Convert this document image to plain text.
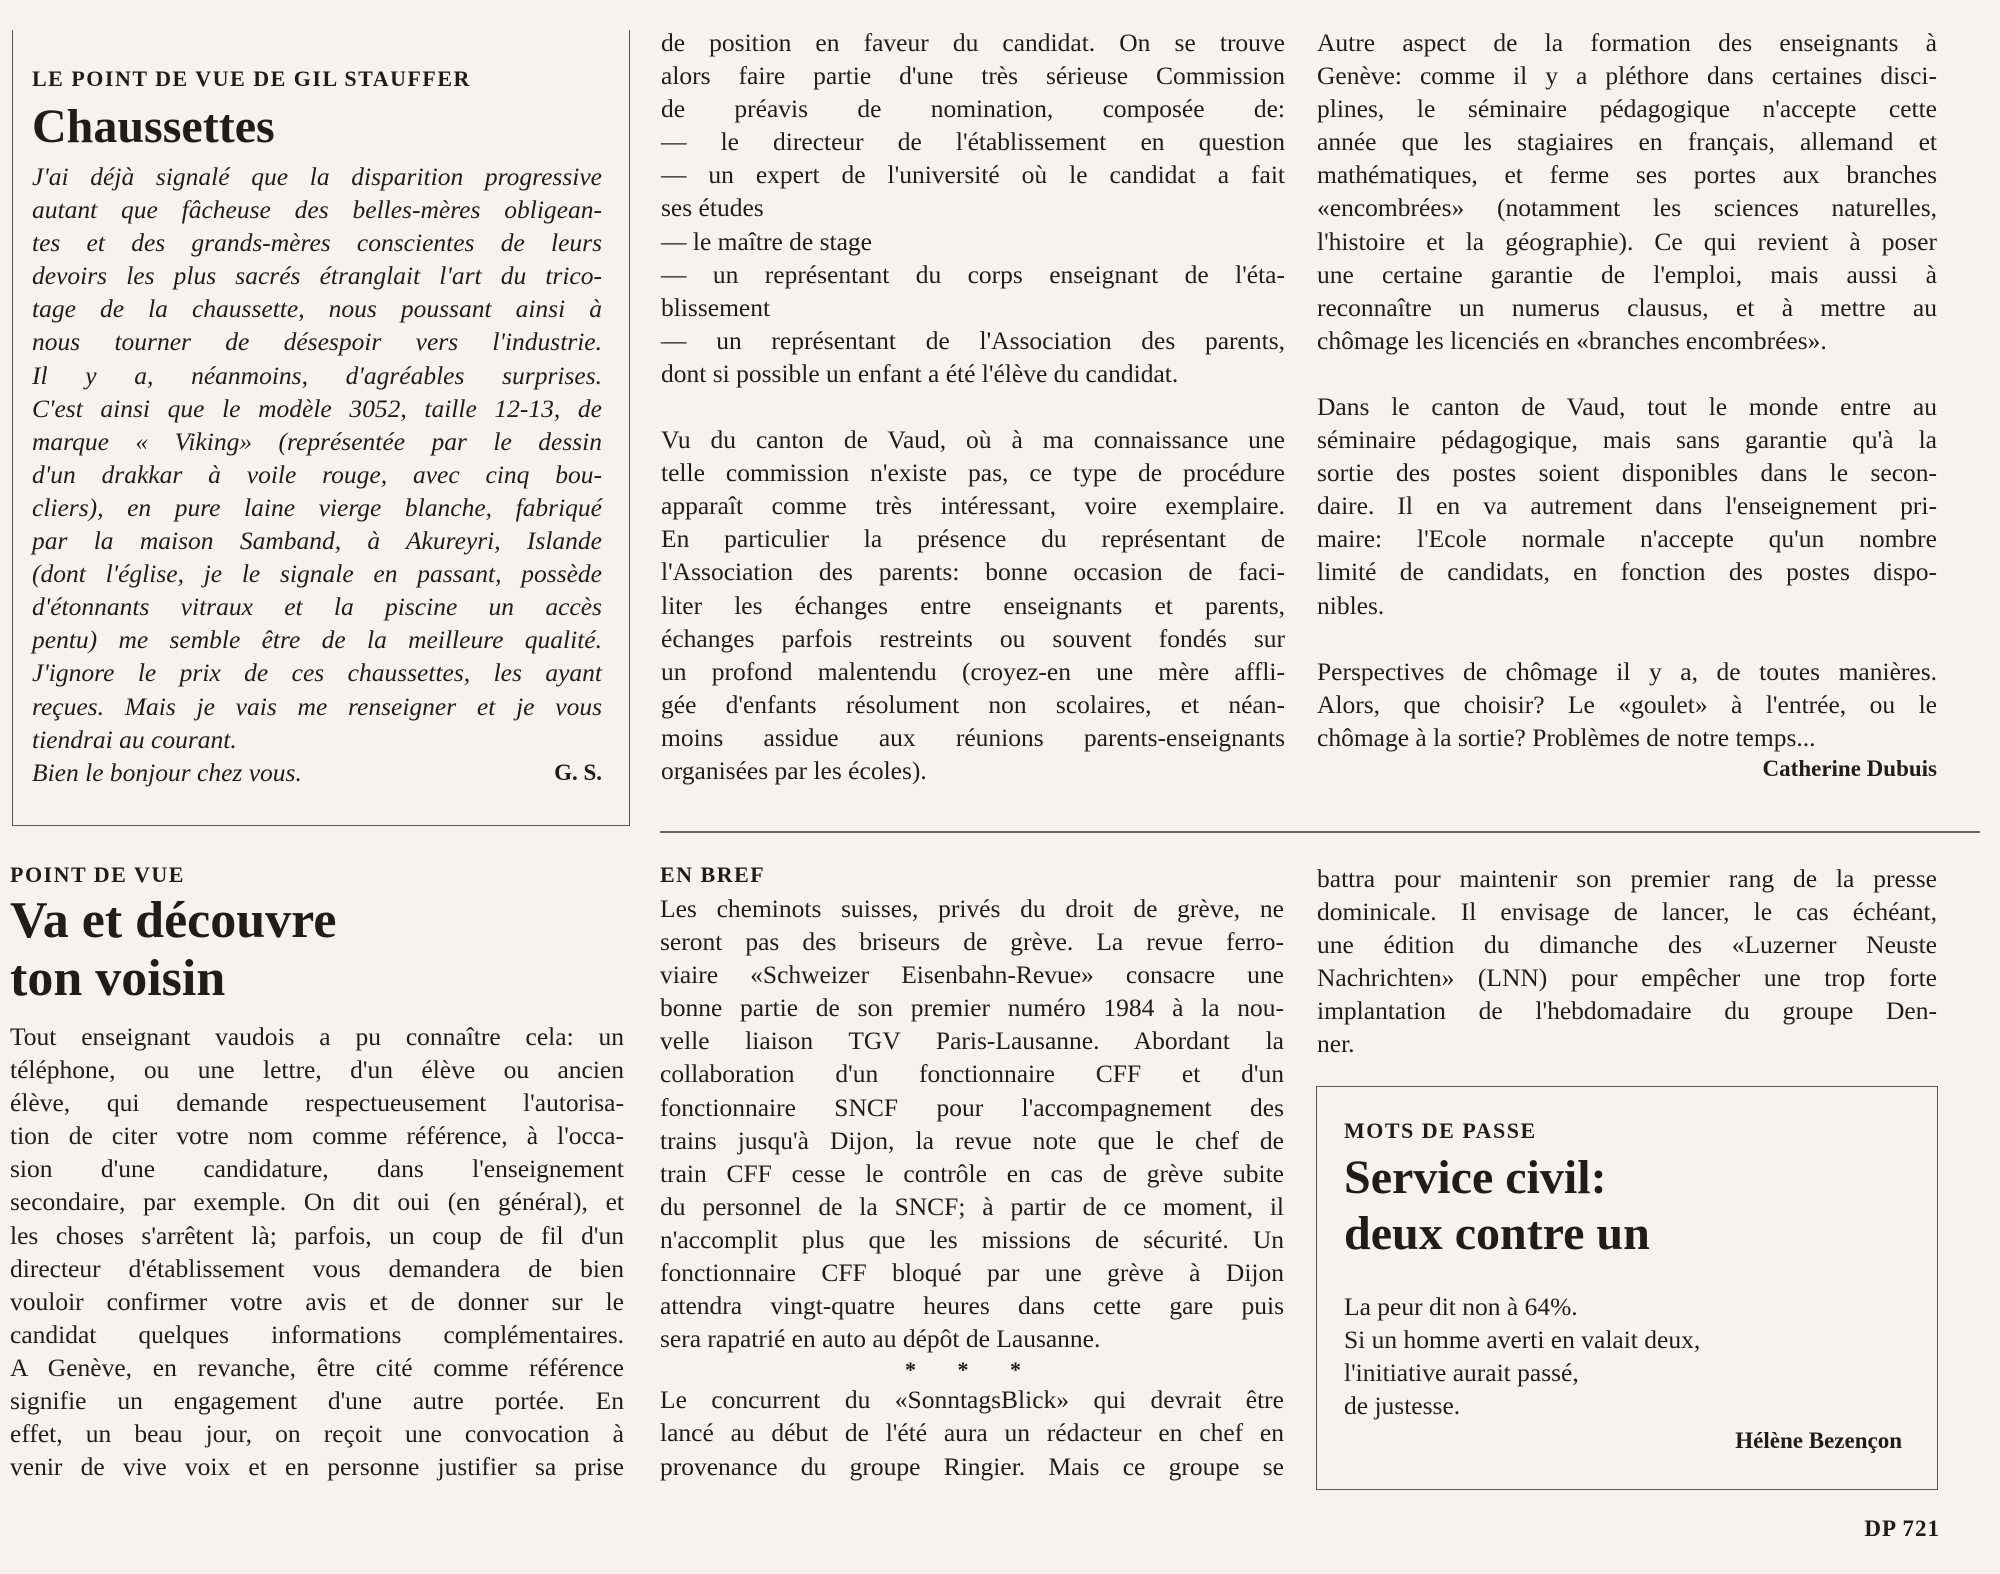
LE POINT DE VUE DE GIL STAUFFER

Chaussettes
J'ai déjà signalé que la disparition progressive
autant que fâcheuse des belles-mères obligean-
tes et des grands-mères conscientes de leurs
devoirs les plus sacrés étranglait l'art du trico-
tage de la chaussette, nous poussant ainsi à
nous tourner de désespoir vers l'industrie.
Il y a, néanmoins, d'agréables surprises.
C'est ainsi que le modèle 3052, taille 12-13, de
marque « Viking» (représentée par le dessin
d'un drakkar à voile rouge, avec cinq bou-
cliers), en pure laine vierge blanche, fabriqué
par la maison Samband, à Akureyri, Islande
(dont l'église, je le signale en passant, possède
d'étonnants vitraux et la piscine un accès
pentu) me semble être de la meilleure qualité.
J'ignore le prix de ces chaussettes, les ayant
reçues. Mais je vais me renseigner et je vous
tiendrai au courant.
Bien le bonjour chez vous.	G. S.
de position en faveur du candidat. On se trouve
alors faire partie d'une très sérieuse Commission
de préavis de nomination, composée de:
— le directeur de l'établissement en question
— un expert de l'université où le candidat a fait
ses études
— le maître de stage
— un représentant du corps enseignant de l'éta-
blissement
— un représentant de l'Association des parents,
dont si possible un enfant a été l'élève du candidat.
Vu du canton de Vaud, où à ma connaissance une
telle commission n'existe pas, ce type de procédure
apparaît comme très intéressant, voire exemplaire.
En particulier la présence du représentant de
l'Association des parents: bonne occasion de faci-
liter les échanges entre enseignants et parents,
échanges parfois restreints ou souvent fondés sur
un profond malentendu (croyez-en une mère affli-
gée d'enfants résolument non scolaires, et néan-
moins assidue aux réunions parents-enseignants
organisées par les écoles).
Autre aspect de la formation des enseignants à
Genève: comme il y a pléthore dans certaines disci-
plines, le séminaire pédagogique n'accepte cette
année que les stagiaires en français, allemand et
mathématiques, et ferme ses portes aux branches
«encombrées» (notamment les sciences naturelles,
l'histoire et la géographie). Ce qui revient à poser
une certaine garantie de l'emploi, mais aussi à
reconnaître un numerus clausus, et à mettre au
chômage les licenciés en «branches encombrées».
Dans le canton de Vaud, tout le monde entre au
séminaire pédagogique, mais sans garantie qu'à la
sortie des postes soient disponibles dans le secon-
daire. Il en va autrement dans l'enseignement pri-
maire: l'Ecole normale n'accepte qu'un nombre
limité de candidats, en fonction des postes dispo-
nibles.
Perspectives de chômage il y a, de toutes manières.
Alors, que choisir? Le «goulet» à l'entrée, ou le
chômage à la sortie? Problèmes de notre temps...

Catherine Dubuis

POINT DE VUE

Va et découvre
ton voisin
Tout enseignant vaudois a pu connaître cela: un
téléphone, ou une lettre, d'un élève ou ancien
élève, qui demande respectueusement l'autorisa-
tion de citer votre nom comme référence, à l'occa-
sion d'une candidature, dans l'enseignement
secondaire, par exemple. On dit oui (en général), et
les choses s'arrêtent là; parfois, un coup de fil d'un
directeur d'établissement vous demandera de bien
vouloir confirmer votre avis et de donner sur le
candidat quelques informations complémentaires.
A Genève, en revanche, être cité comme référence
signifie un engagement d'une autre portée. En
effet, un beau jour, on reçoit une convocation à
venir de vive voix et en personne justifier sa prise

EN BREF

Les cheminots suisses, privés du droit de grève, ne
seront pas des briseurs de grève. La revue ferro-
viaire «Schweizer Eisenbahn-Revue» consacre une
bonne partie de son premier numéro 1984 à la nou-
velle liaison TGV Paris-Lausanne. Abordant la
collaboration d'un fonctionnaire CFF et d'un
fonctionnaire SNCF pour l'accompagnement des
trains jusqu'à Dijon, la revue note que le chef de
train CFF cesse le contrôle en cas de grève subite
du personnel de la SNCF; à partir de ce moment, il
n'accomplit plus que les missions de sécurité. Un
fonctionnaire CFF bloqué par une grève à Dijon
attendra vingt-quatre heures dans cette gare puis
sera rapatrié en auto au dépôt de Lausanne.

* * *

Le concurrent du «SonntagsBlick» qui devrait être
lancé au début de l'été aura un rédacteur en chef en
provenance du groupe Ringier. Mais ce groupe se
battra pour maintenir son premier rang de la presse
dominicale. Il envisage de lancer, le cas échéant,
une édition du dimanche des «Luzerner Neuste
Nachrichten» (LNN) pour empêcher une trop forte
implantation de l'hebdomadaire du groupe Den-
ner.

MOTS DE PASSE

Service civil:
deux contre un
La peur dit non à 64%.
Si un homme averti en valait deux,
l'initiative aurait passé,
de justesse.

Hélène Bezençon

DP 721
